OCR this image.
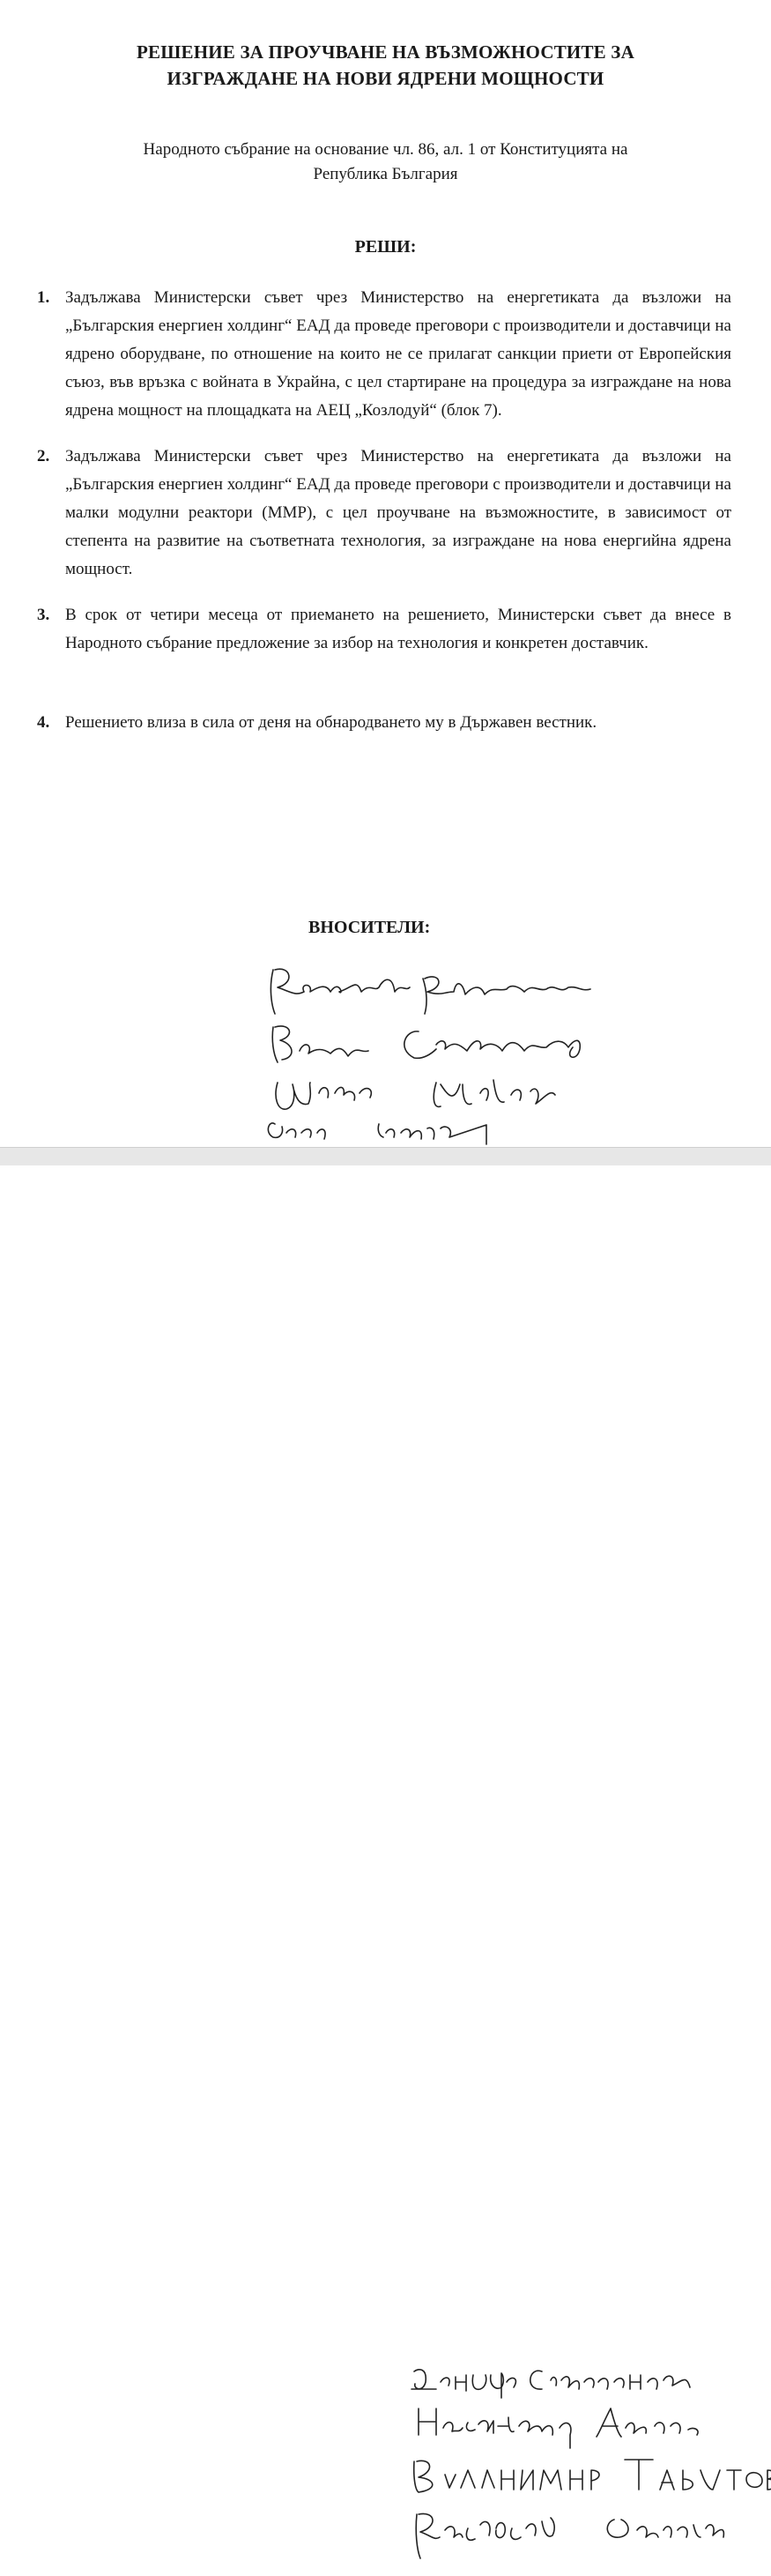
РЕШЕНИЕ ЗА ПРОУЧВАНЕ НА ВЪЗМОЖНОСТИТЕ ЗА
ИЗГРАЖДАНЕ НА НОВИ ЯДРЕНИ МОЩНОСТИ
Народното събрание на основание чл. 86, ал. 1 от Конституцията на
Република България
РЕШИ:
1. Задължава Министерски съвет чрез Министерство на енергетиката да възложи на „Българския енергиен холдинг“ ЕАД да проведе преговори с производители и доставчици на ядрено оборудване, по отношение на които не се прилагат санкции приети от Европейския съюз, във връзка с войната в Украйна, с цел стартиране на процедура за изграждане на нова ядрена мощност на площадката на АЕЦ „Козлодуй“ (блок 7).
2. Задължава Министерски съвет чрез Министерство на енергетиката да възложи на „Българския енергиен холдинг“ ЕАД да проведе преговори с производители и доставчици на малки модулни реактори (ММР), с цел проучване на възможностите, в зависимост от степента на развитие на съответната технология, за изграждане на нова енергийна ядрена мощност.
3. В срок от четири месеца от приемането на решението, Министерски съвет да внесе в Народното събрание предложение за избор на технология и конкретен доставчик.
4. Решението влиза в сила от деня на обнародването му в Държавен вестник.
ВНОСИТЕЛИ:
